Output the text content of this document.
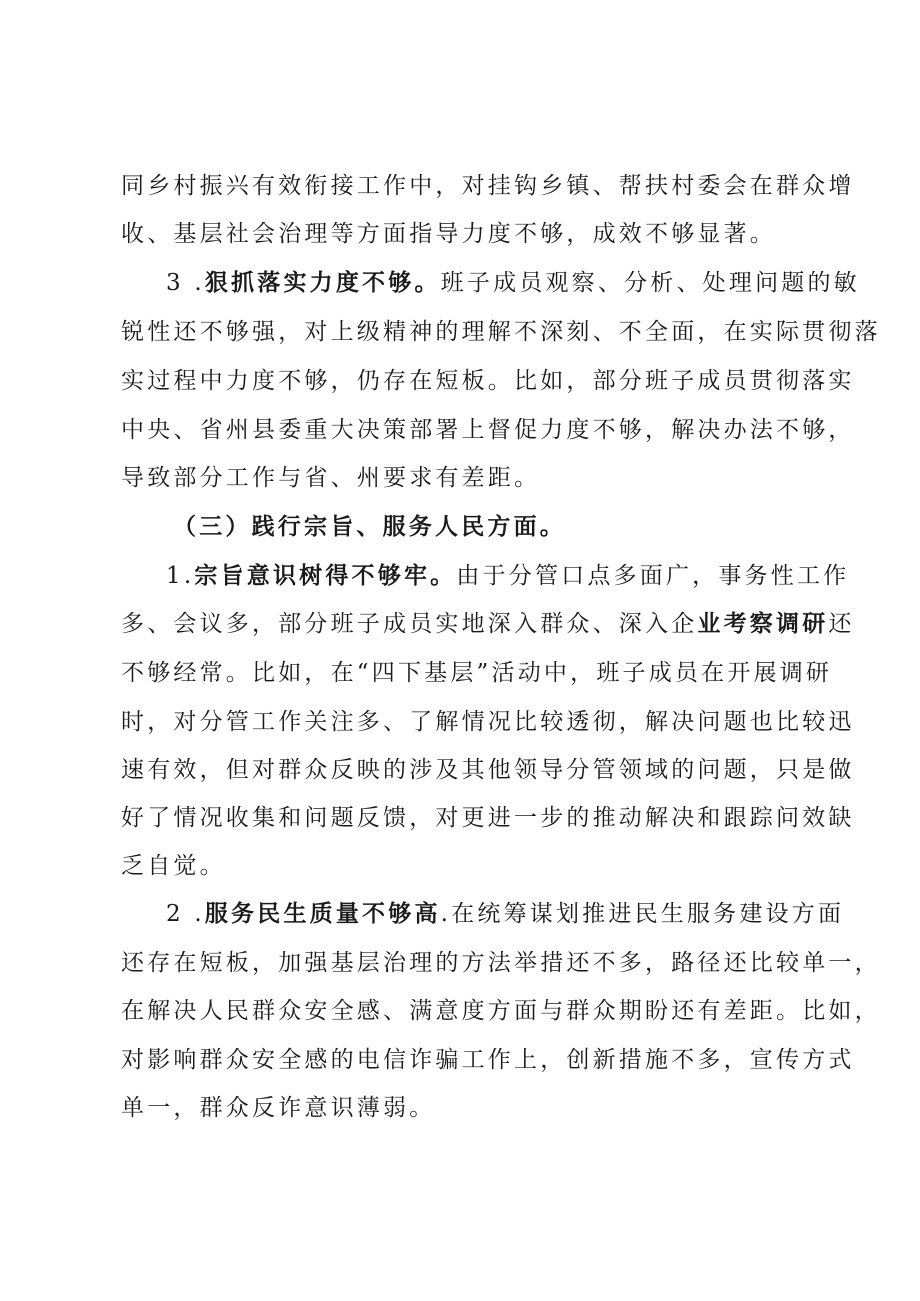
同乡村振兴有效衔接工作中，对挂钩乡镇、帮扶村委会在群众增
收、基层社会治理等方面指导力度不够，成效不够显著。
3 .狠抓落实力度不够。班子成员观察、分析、处理问题的敏
锐性还不够强，对上级精神的理解不深刻、不全面，在实际贯彻落
实过程中力度不够，仍存在短板。比如，部分班子成员贯彻落实
中央、省州县委重大决策部署上督促力度不够，解决办法不够，
导致部分工作与省、州要求有差距。
（三）践行宗旨、服务人民方面。
1.宗旨意识树得不够牢。由于分管口点多面广，事务性工作
多、会议多，部分班子成员实地深入群众、深入企业考察调研还
不够经常。比如，在“四下基层”活动中，班子成员在开展调研
时，对分管工作关注多、了解情况比较透彻，解决问题也比较迅
速有效，但对群众反映的涉及其他领导分管领域的问题，只是做
好了情况收集和问题反馈，对更进一步的推动解决和跟踪问效缺
乏自觉。
2 .服务民生质量不够高.在统筹谋划推进民生服务建设方面
还存在短板，加强基层治理的方法举措还不多，路径还比较单一，
在解决人民群众安全感、满意度方面与群众期盼还有差距。比如，
对影响群众安全感的电信诈骗工作上，创新措施不多，宣传方式
单一，群众反诈意识薄弱。
